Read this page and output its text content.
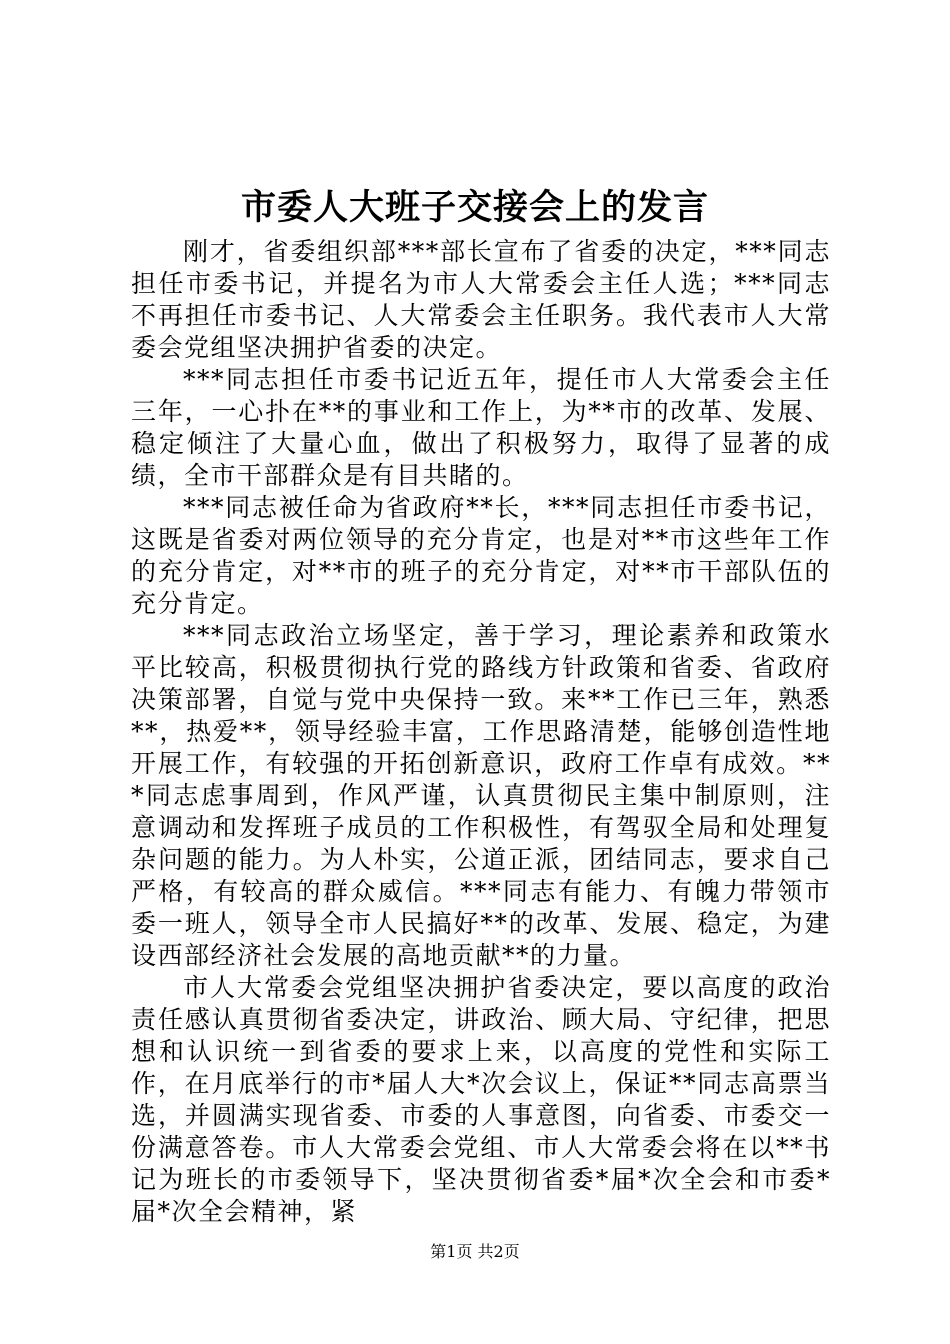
市委人大班子交接会上的发言

刚才，省委组织部***部长宣布了省委的决定，***同志担任市委书记，并提名为市人大常委会主任人选；***同志不再担任市委书记、人大常委会主任职务。我代表市人大常委会党组坚决拥护省委的决定。

***同志担任市委书记近五年，提任市人大常委会主任三年，一心扑在**的事业和工作上，为**市的改革、发展、稳定倾注了大量心血，做出了积极努力，取得了显著的成绩，全市干部群众是有目共睹的。

***同志被任命为省政府**长，***同志担任市委书记，这既是省委对两位领导的充分肯定，也是对**市这些年工作的充分肯定，对**市的班子的充分肯定，对**市干部队伍的充分肯定。

***同志政治立场坚定，善于学习，理论素养和政策水平比较高，积极贯彻执行党的路线方针政策和省委、省政府决策部署，自觉与党中央保持一致。来**工作已三年，熟悉**，热爱**，领导经验丰富，工作思路清楚，能够创造性地开展工作，有较强的开拓创新意识，政府工作卓有成效。***同志虑事周到，作风严谨，认真贯彻民主集中制原则，注意调动和发挥班子成员的工作积极性，有驾驭全局和处理复杂问题的能力。为人朴实，公道正派，团结同志，要求自己严格，有较高的群众威信。***同志有能力、有魄力带领市委一班人，领导全市人民搞好**的改革、发展、稳定，为建设西部经济社会发展的高地贡献**的力量。

市人大常委会党组坚决拥护省委决定，要以高度的政治责任感认真贯彻省委决定，讲政治、顾大局、守纪律，把思想和认识统一到省委的要求上来，以高度的党性和实际工作，在月底举行的市*届人大*次会议上，保证**同志高票当选，并圆满实现省委、市委的人事意图，向省委、市委交一份满意答卷。市人大常委会党组、市人大常委会将在以**书记为班长的市委领导下，坚决贯彻省委*届*次全会和市委*届*次全会精神，紧

第1页 共2页
